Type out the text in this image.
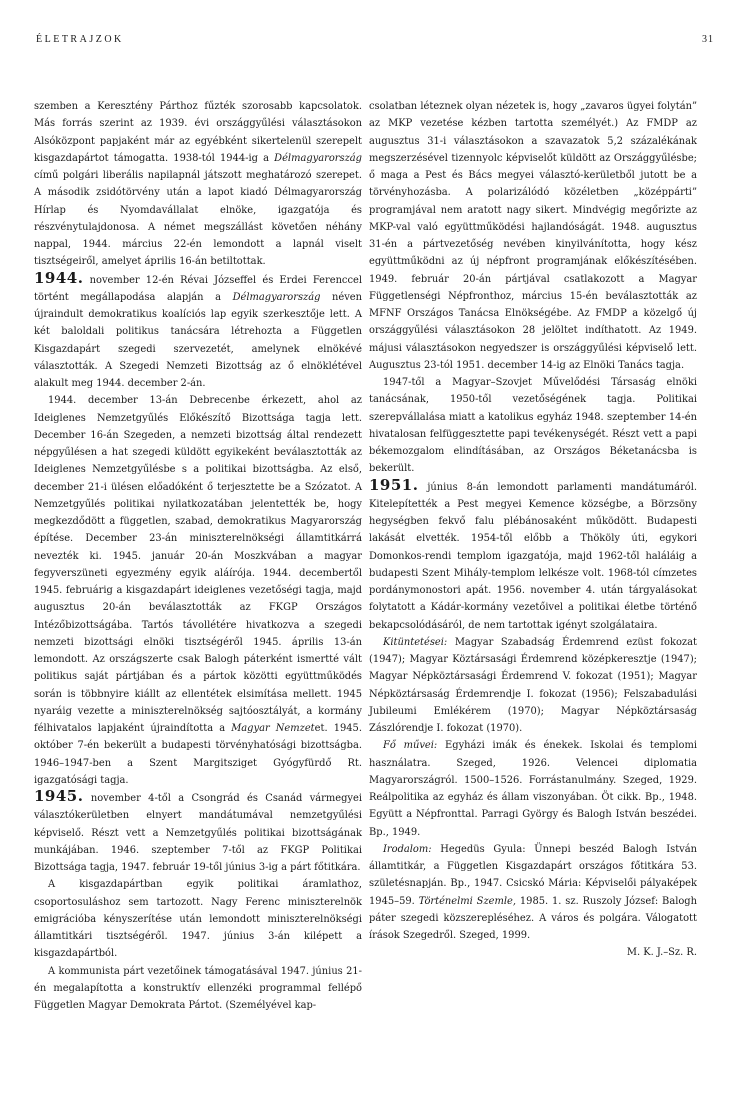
ÉLETRAJZOK	31

szemben a Keresztény Párthoz fűzték szorosabb kapcsolatok. Más forrás szerint az 1939. évi országgyűlési választásokon Alsóközpont papjaként már az egyébként sikertelenül szerepelt kisgazdapártot támogatta. 1938-tól 1944-ig a Délmagyarország című polgári liberális napilapnál játszott meghatározó szerepet. A második zsidótörvény után a lapot kiadó Délmagyarország Hírlap és Nyomdavállalat elnöke, igazgatója és részvénytulajdonosa. A német megszállást követően néhány nappal, 1944. március 22-én lemondott a lapnál viselt tisztségeiről, amelyet április 16-án betiltottak.

1944. november 12-én Révai Józseffel és Erdei Ferenccel történt megállapodása alapján a Délmagyarország néven újraindult demokratikus koalíciós lap egyik szerkesztője lett. A két baloldali politikus tanácsára létrehozta a Független Kisgazdapárt szegedi szervezetét, amelynek elnökévé választották. A Szegedi Nemzeti Bizottság az ő elnöklétével alakult meg 1944. december 2-án.

1944. december 13-án Debrecenbe érkezett, ahol az Ideiglenes Nemzetgyűlés Előkészítő Bizottsága tagja lett. December 16-án Szegeden, a nemzeti bizottság által rendezett népgyűlésen a hat szegedi küldött egyikeként beválasztották az Ideiglenes Nemzetgyűlésbe s a politikai bizottságba. Az első, december 21-i ülésen előadóként ő terjesztette be a Szózatot. A Nemzetgyűlés politikai nyilatkozatában jelentették be, hogy megkezdődött a független, szabad, demokratikus Magyarország építése. December 23-án miniszterelnökségi államtitkárrá nevezték ki. 1945. január 20-án Moszkvában a magyar fegyverszüneti egyezmény egyik aláírója. 1944. decembertől 1945. februárig a kisgazdapárt ideiglenes vezetőségi tagja, majd augusztus 20-án beválasztották az FKGP Országos Intézőbizottságába. Tartós távollétére hivatkozva a szegedi nemzeti bizottsági elnöki tisztségéről 1945. április 13-án lemondott. Az országszerte csak Balogh páterként ismertté vált politikus saját pártjában és a pártok közötti együttműködés során is többnyire kiállt az ellentétek elsimítása mellett. 1945 nyaráig vezette a miniszterelnökség sajtóosztályát, a kormány félhivatalos lapjaként újraindította a Magyar Nemzetet. 1945. október 7-én bekerült a budapesti törvényhatósági bizottságba. 1946–1947-ben a Szent Margitsziget Gyógyfürdő Rt. igazgatósági tagja.

1945. november 4-től a Csongrád és Csanád vármegyei választókerületben elnyert mandátumával nemzetgyűlési képviselő. Részt vett a Nemzetgyűlés politikai bizottságának munkájában. 1946. szeptember 7-től az FKGP Politikai Bizottsága tagja, 1947. február 19-től június 3-ig a párt főtitkára.

A kisgazdapártban egyik politikai áramlathoz, csoportosuláshoz sem tartozott. Nagy Ferenc miniszterelnök emigrációba kényszerítése után lemondott miniszterelnökségi államtitkári tisztségéről. 1947. június 3-án kilépett a kisgazdapártból.

A kommunista párt vezetőinek támogatásával 1947. június 21-én megalapította a konstruktív ellenzéki programmal fellépő Független Magyar Demokrata Pártot. (Személyével kap-

csolatban léteznek olyan nézetek is, hogy „zavaros ügyei folytán” az MKP vezetése kézben tartotta személyét.) Az FMDP az augusztus 31-i választásokon a szavazatok 5,2 százalékának megszerzésével tizennyolc képviselőt küldött az Országgyűlésbe; ő maga a Pest és Bács megyei választó-kerületből jutott be a törvényhozásba. A polarizálódó közéletben „középpárti” programjával nem aratott nagy sikert. Mindvégig megőrizte az MKP-val való együttműködési hajlandóságát. 1948. augusztus 31-én a pártvezetőség nevében kinyilvánította, hogy kész együttműködni az új népfront programjának előkészítésében. 1949. február 20-án pártjával csatlakozott a Magyar Függetlenségi Népfronthoz, március 15-én beválasztották az MFNF Országos Tanácsa Elnökségébe. Az FMDP a közelgő új országgyűlési választásokon 28 jelöltet indíthatott. Az 1949. májusi választásokon negyedszer is országgyűlési képviselő lett. Augusztus 23-tól 1951. december 14-ig az Elnöki Tanács tagja.

1947-től a Magyar–Szovjet Művelődési Társaság elnöki tanácsának, 1950-től vezetőségének tagja. Politikai szerepvállalása miatt a katolikus egyház 1948. szeptember 14-én hivatalosan felfüggesztette papi tevékenységét. Részt vett a papi békemozgalom elindításában, az Országos Béketanácsba is bekerült.

1951. június 8-án lemondott parlamenti mandátumáról. Kitelepítették a Pest megyei Kemence községbe, a Börzsöny hegységben fekvő falu plébánosaként működött. Budapesti lakását elvették. 1954-től előbb a Thököly úti, egykori Domonkos-rendi templom igazgatója, majd 1962-től haláláig a budapesti Szent Mihály-templom lelkésze volt. 1968-tól címzetes pordánymonostori apát. 1956. november 4. után tárgyalásokat folytatott a Kádár-kormány vezetőivel a politikai életbe történő bekapcsolódásáról, de nem tartottak igényt szolgálataira.

Kitüntetései: Magyar Szabadság Érdemrend ezüst fokozat (1947); Magyar Köztársasági Érdemrend középkeresztje (1947); Magyar Népköztársasági Érdemrend V. fokozat (1951); Magyar Népköztársaság Érdemrendje I. fokozat (1956); Felszabadulási Jubileumi Emlékérem (1970); Magyar Népköztársaság Zászlórendje I. fokozat (1970).

Fő művei: Egyházi imák és énekek. Iskolai és templomi használatra. Szeged, 1926. Velencei diplomatia Magyarországról. 1500–1526. Forrástanulmány. Szeged, 1929. Reálpolitika az egyház és állam viszonyában. Öt cikk. Bp., 1948. Együtt a Népfronttal. Parragi György és Balogh István beszédei. Bp., 1949.

Irodalom: Hegedüs Gyula: Ünnepi beszéd Balogh István államtitkár, a Független Kisgazdapárt országos főtitkára 53. születésnapján. Bp., 1947. Csicskó Mária: Képviselői pályaképek 1945–59. Történelmi Szemle, 1985. 1. sz. Ruszoly József: Balogh páter szegedi közszerepléséhez. A város és polgára. Válogatott írások Szegedről. Szeged, 1999.

M. K. J.–Sz. R.
